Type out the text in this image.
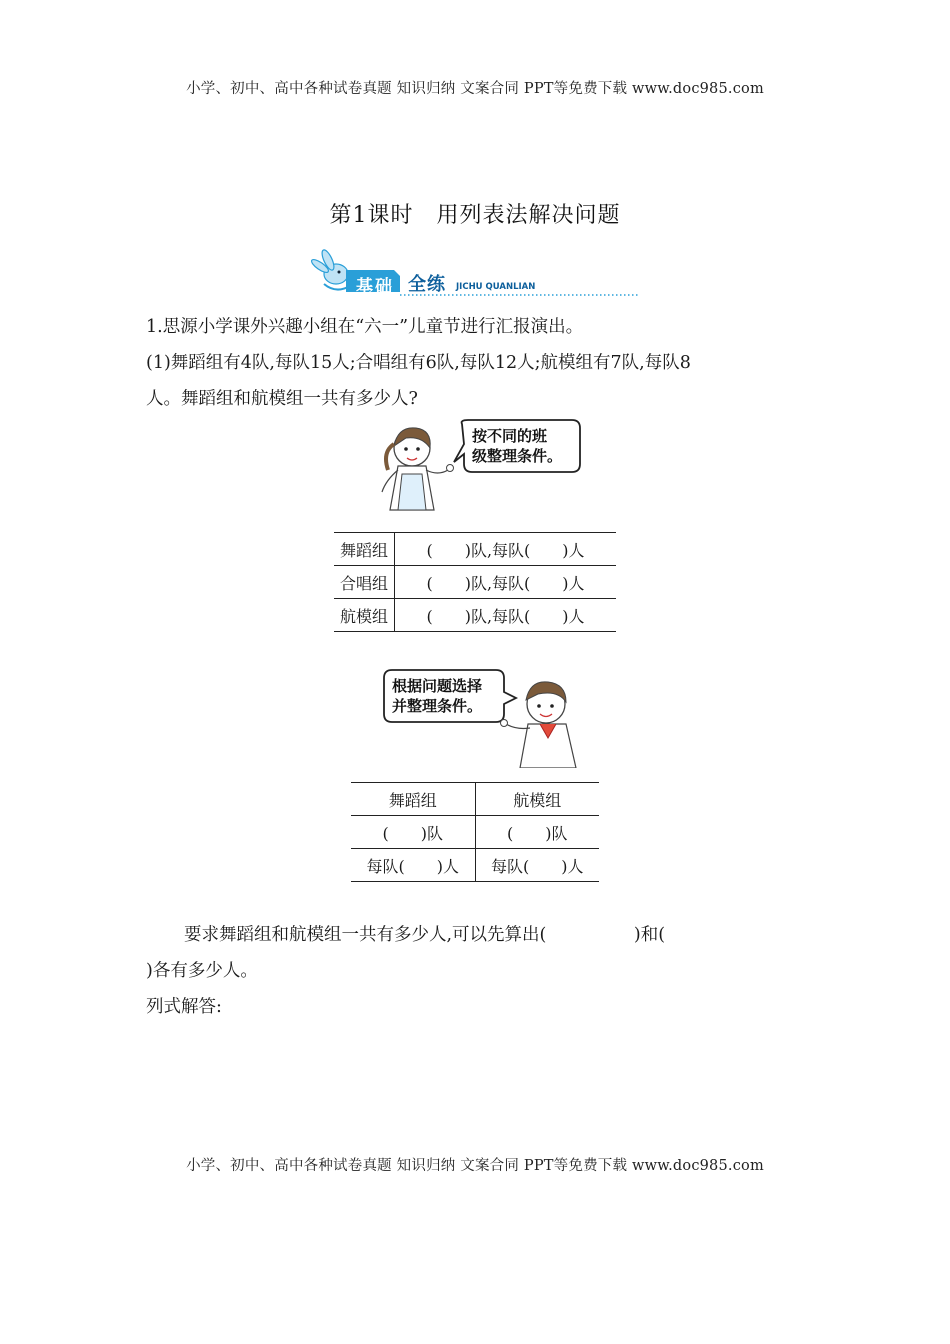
小学、初中、高中各种试卷真题 知识归纳 文案合同 PPT等免费下载 www.doc985.com
第1课时　用列表法解决问题
基础 全练 JICHU QUANLIAN
1.思源小学课外兴趣小组在“六一”儿童节进行汇报演出。
(1)舞蹈组有4队,每队15人;合唱组有6队,每队12人;航模组有7队,每队8
人。舞蹈组和航模组一共有多少人?
按不同的班
级整理条件。
舞蹈组	(　　)队,每队(　　)人
合唱组	(　　)队,每队(　　)人
航模组	(　　)队,每队(　　)人
根据问题选择
并整理条件。
舞蹈组	航模组
(　　)队	(　　)队
每队(　　)人	每队(　　)人
要求舞蹈组和航模组一共有多少人,可以先算出(　　　　　)和(
)各有多少人。
列式解答:
小学、初中、高中各种试卷真题 知识归纳 文案合同 PPT等免费下载 www.doc985.com
